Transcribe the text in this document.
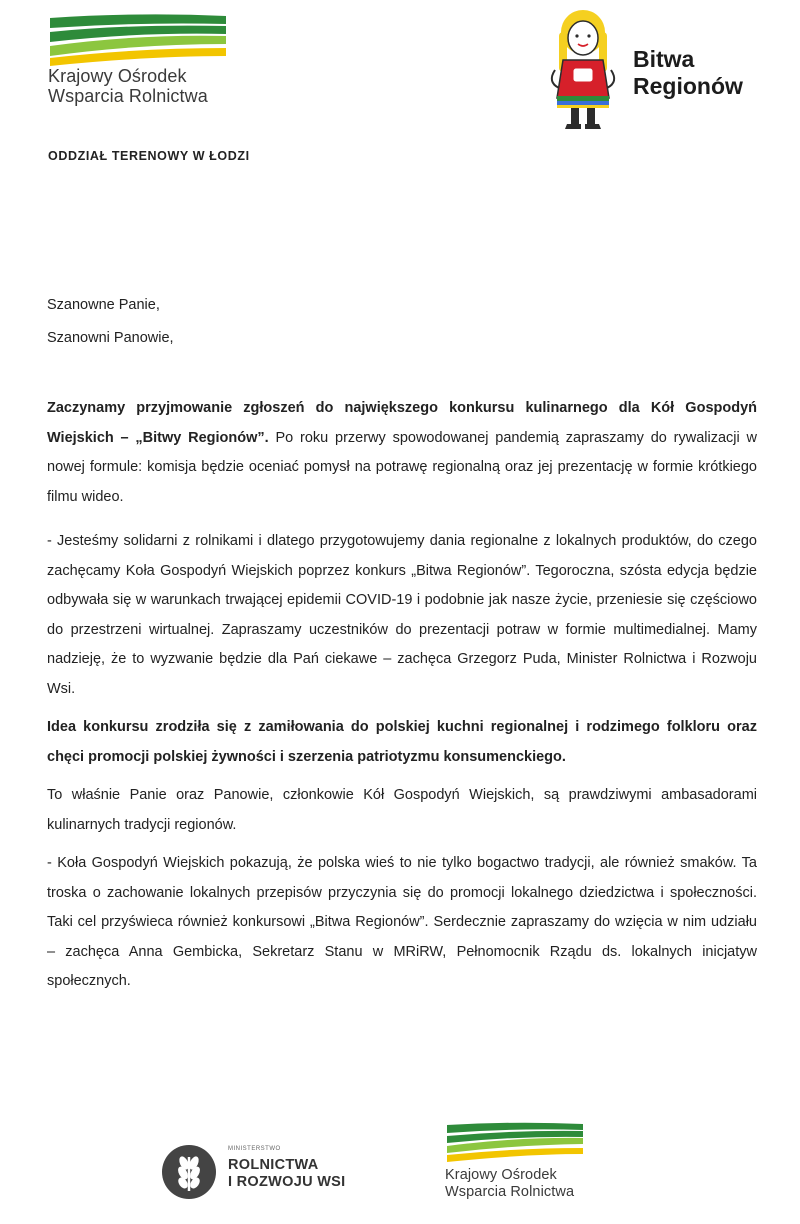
Krajowy Ośrodek
Wsparcia Rolnictwa
Bitwa
Regionów
ODDZIAŁ TERENOWY W ŁODZI

Szanowne Panie,

Szanowni Panowie,

Zaczynamy przyjmowanie zgłoszeń do największego konkursu kulinarnego dla Kół Gospodyń Wiejskich – „Bitwy Regionów”. Po roku przerwy spowodowanej pandemią zapraszamy do rywalizacji w nowej formule: komisja będzie oceniać pomysł na potrawę regionalną oraz jej prezentację w formie krótkiego filmu wideo.

- Jesteśmy solidarni z rolnikami i dlatego przygotowujemy dania regionalne z lokalnych produktów, do czego zachęcamy Koła Gospodyń Wiejskich poprzez konkurs „Bitwa Regionów”. Tegoroczna, szósta edycja będzie odbywała się w warunkach trwającej epidemii COVID-19 i podobnie jak nasze życie, przeniesie się częściowo do przestrzeni wirtualnej. Zapraszamy uczestników do prezentacji potraw w formie multimedialnej. Mamy nadzieję, że to wyzwanie będzie dla Pań ciekawe – zachęca Grzegorz Puda, Minister Rolnictwa i Rozwoju Wsi.

Idea konkursu zrodziła się z zamiłowania do polskiej kuchni regionalnej i rodzimego folkloru oraz chęci promocji polskiej żywności i szerzenia patriotyzmu konsumenckiego.

To właśnie Panie oraz Panowie, członkowie Kół Gospodyń Wiejskich, są prawdziwymi ambasadorami kulinarnych tradycji regionów.

- Koła Gospodyń Wiejskich pokazują, że polska wieś to nie tylko bogactwo tradycji, ale również smaków. Ta troska o zachowanie lokalnych przepisów przyczynia się do promocji lokalnego dziedzictwa i społeczności. Taki cel przyświeca również konkursowi „Bitwa Regionów”. Serdecznie zapraszamy do wzięcia w nim udziału – zachęca Anna Gembicka, Sekretarz Stanu w MRiRW, Pełnomocnik Rządu ds. lokalnych inicjatyw społecznych.

MINISTERSTWO
ROLNICTWA
I ROZWOJU WSI	Krajowy Ośrodek
Wsparcia Rolnictwa
